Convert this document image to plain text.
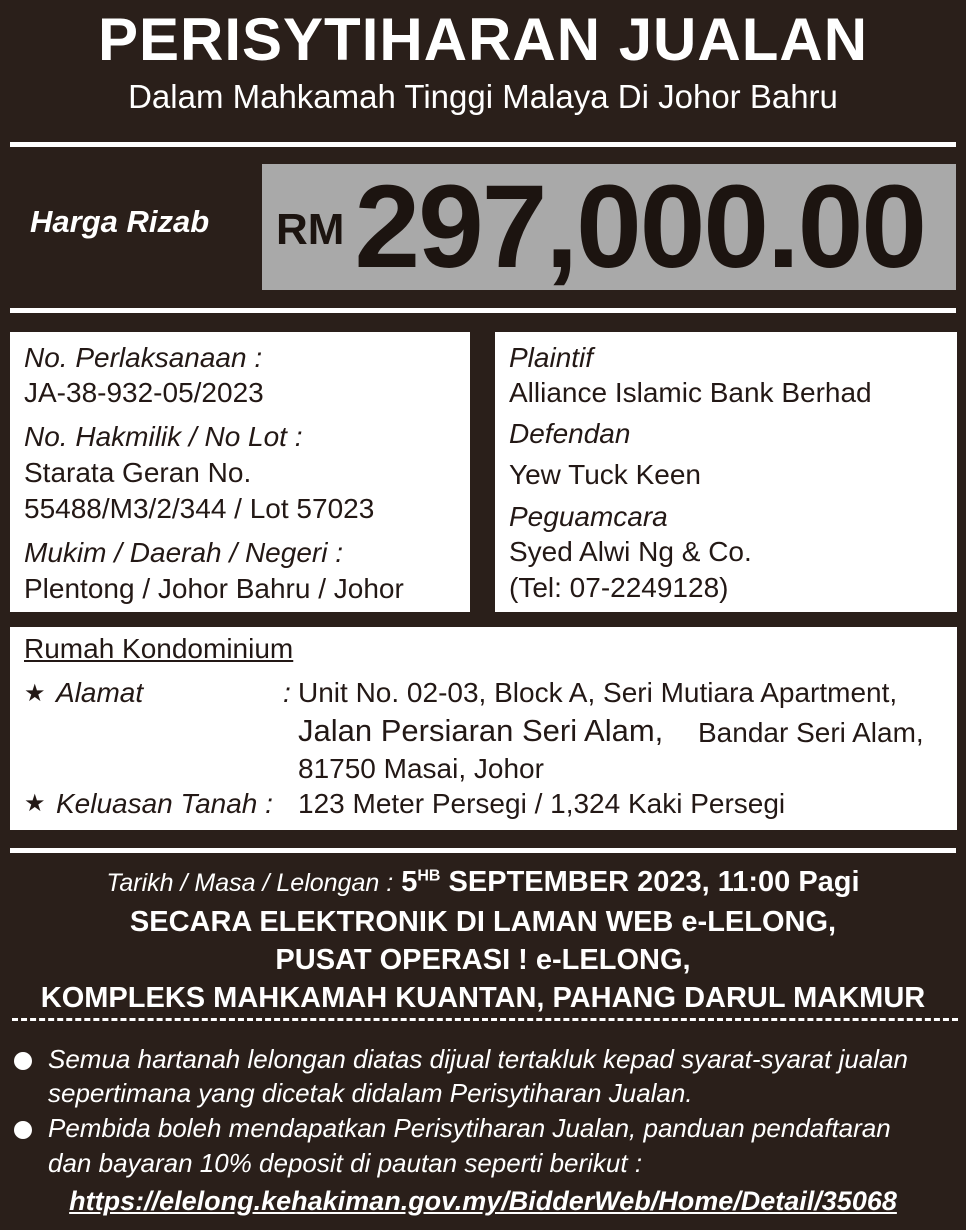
PERISYTIHARAN JUALAN
Dalam Mahkamah Tinggi Malaya Di Johor Bahru
Harga Rizab RM 297,000.00
No. Perlaksanaan :
JA-38-932-05/2023
No. Hakmilik / No Lot :
Starata Geran No.
55488/M3/2/344 / Lot 57023
Mukim / Daerah / Negeri :
Plentong / Johor Bahru / Johor
Plaintif
Alliance Islamic Bank Berhad
Defendan
Yew Tuck Keen
Peguamcara
Syed Alwi Ng & Co.
(Tel: 07-2249128)
Rumah Kondominium
★ Alamat	: Unit No. 02-03, Block A, Seri Mutiara Apartment,
Jalan Persiaran Seri Alam, Bandar Seri Alam,
81750 Masai, Johor
★ Keluasan Tanah : 123 Meter Persegi / 1,324 Kaki Persegi
Tarikh / Masa / Lelongan : $5^{HB}$ SEPTEMBER 2023, 11:00 Pagi
SECARA ELEKTRONIK DI LAMAN WEB e-LELONG,
PUSAT OPERASI ! e-LELONG,
KOMPLEKS MAHKAMAH KUANTAN, PAHANG DARUL MAKMUR
Semua hartanah lelongan diatas dijual tertakluk kepad syarat-syarat jualan
sepertimana yang dicetak didalam Perisytiharan Jualan.
Pembida boleh mendapatkan Perisytiharan Jualan, panduan pendaftaran
dan bayaran 10% deposit di pautan seperti berikut :
https://elelong.kehakiman.gov.my/BidderWeb/Home/Detail/35068
